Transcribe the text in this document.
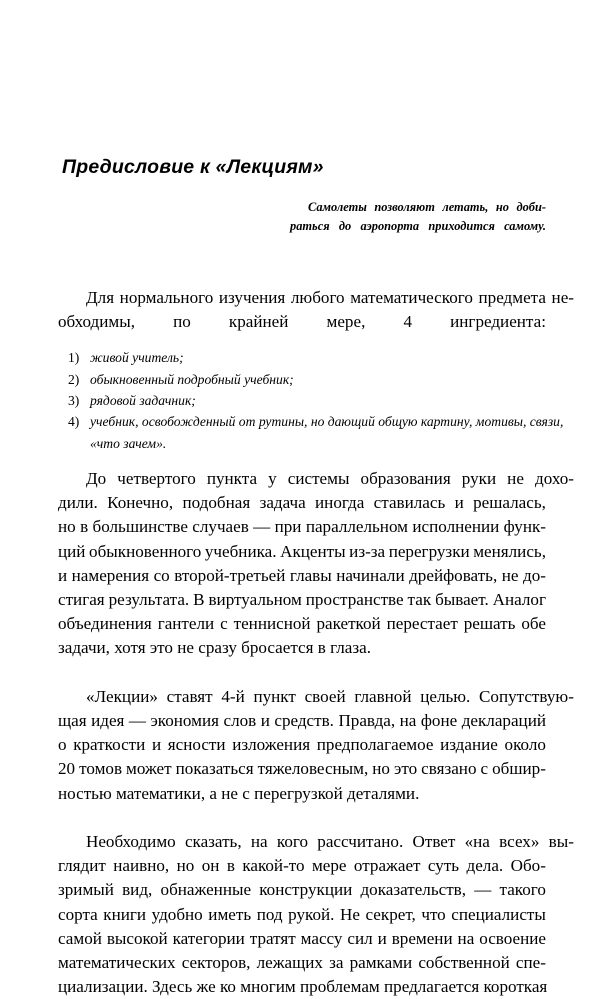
Предисловие к «Лекциям»
Самолеты позволяют летать, но доби-
раться до аэропорта приходится самому.
Для нормального изучения любого математического предмета не-
обходимы, по крайней мере, 4 ингредиента:
1) живой учитель;
2) обыкновенный подробный учебник;
3) рядовой задачник;
4) учебник, освобожденный от рутины, но дающий общую картину, мотивы, связи,
«что зачем».
До четвертого пункта у системы образования руки не дохо-
дили. Конечно, подобная задача иногда ставилась и решалась,
но в большинстве случаев — при параллельном исполнении функ-
ций обыкновенного учебника. Акценты из-за перегрузки менялись,
и намерения со второй-третьей главы начинали дрейфовать, не до-
стигая результата. В виртуальном пространстве так бывает. Аналог
объединения гантели с теннисной ракеткой перестает решать обе
задачи, хотя это не сразу бросается в глаза.
«Лекции» ставят 4-й пункт своей главной целью. Сопутствую-
щая идея — экономия слов и средств. Правда, на фоне деклараций
о краткости и ясности изложения предполагаемое издание около
20 томов может показаться тяжеловесным, но это связано с обшир-
ностью математики, а не с перегрузкой деталями.
Необходимо сказать, на кого рассчитано. Ответ «на всех» вы-
глядит наивно, но он в какой-то мере отражает суть дела. Обо-
зримый вид, обнаженные конструкции доказательств, — такого
сорта книги удобно иметь под рукой. Не секрет, что специалисты
самой высокой категории тратят массу сил и времени на освоение
математических секторов, лежащих за рамками собственной спе-
циализации. Здесь же ко многим проблемам предлагается короткая
